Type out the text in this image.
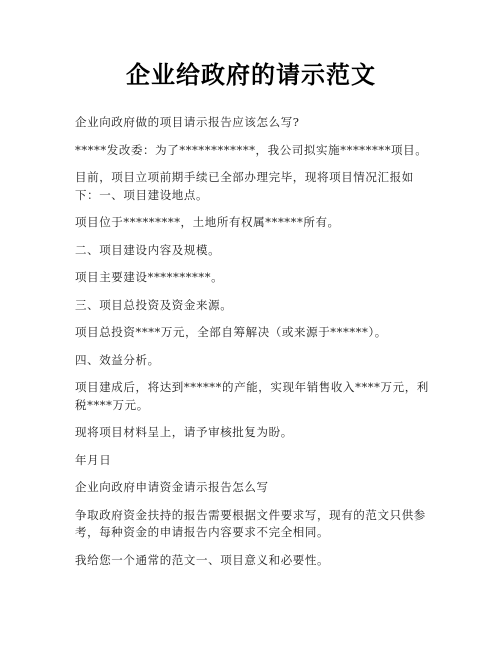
企业给政府的请示范文

企业向政府做的项目请示报告应该怎么写?

*****发改委：为了************，我公司拟实施********项目。

目前，项目立项前期手续已全部办理完毕，现将项目情况汇报如下：一、项目建设地点。

项目位于*********，土地所有权属******所有。

二、项目建设内容及规模。

项目主要建设**********。

三、项目总投资及资金来源。

项目总投资****万元，全部自筹解决（或来源于******）。

四、效益分析。

项目建成后，将达到******的产能，实现年销售收入****万元，利税****万元。

现将项目材料呈上，请予审核批复为盼。

年月日

企业向政府申请资金请示报告怎么写

争取政府资金扶持的报告需要根据文件要求写，现有的范文只供参考，每种资金的申请报告内容要求不完全相同。

我给您一个通常的范文一、项目意义和必要性。
